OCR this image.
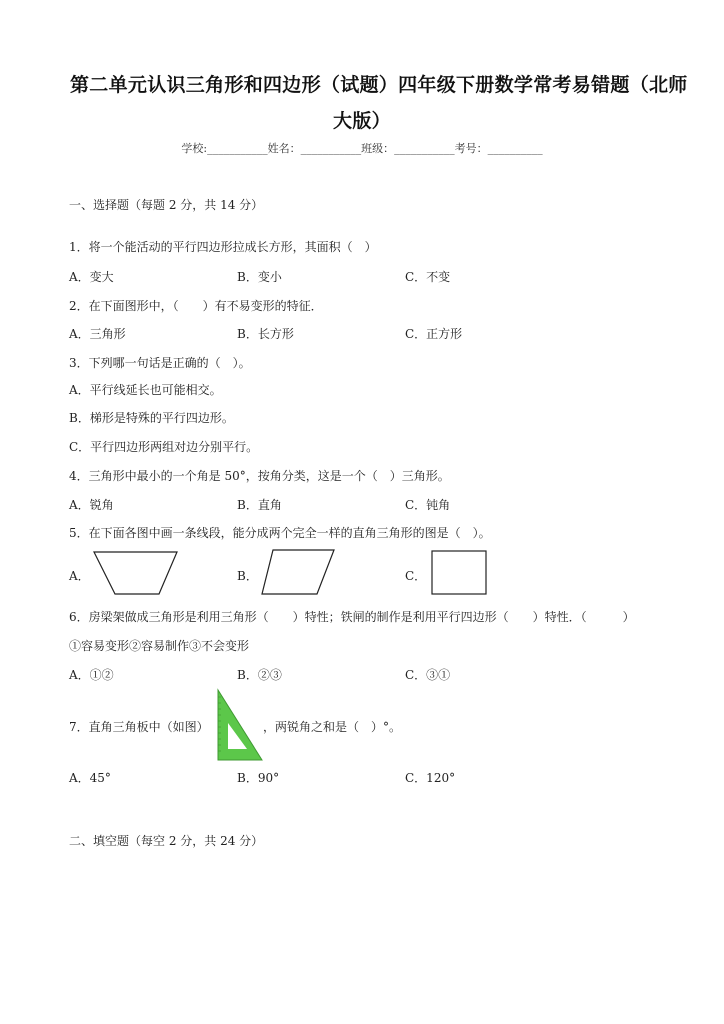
第二单元认识三角形和四边形（试题）四年级下册数学常考易错题（北师
大版）
学校:___________姓名：___________班级：___________考号：__________
一、选择题（每题 2 分，共 14 分）
1．将一个能活动的平行四边形拉成长方形，其面积（　）
A．变大	B．变小	C．不变
2．在下面图形中，（　　）有不易变形的特征．
A．三角形	B．长方形	C．正方形
3．下列哪一句话是正确的（　）。
A．平行线延长也可能相交。
B．梯形是特殊的平行四边形。
C．平行四边形两组对边分别平行。
4．三角形中最小的一个角是 50°，按角分类，这是一个（　）三角形。
A．锐角	B．直角	C．钝角
5．在下面各图中画一条线段，能分成两个完全一样的直角三角形的图是（　）。
A．	B．	C．
6．房梁架做成三角形是利用三角形（　　）特性；铁闸的制作是利用平行四边形（　　）特性．（　　　）
①容易变形②容易制作③不会变形
A．①②	B．②③	C．③①
7．直角三角板中（如图）	，两锐角之和是（　）°。
A．45°	B．90°	C．120°
二、填空题（每空 2 分，共 24 分）
